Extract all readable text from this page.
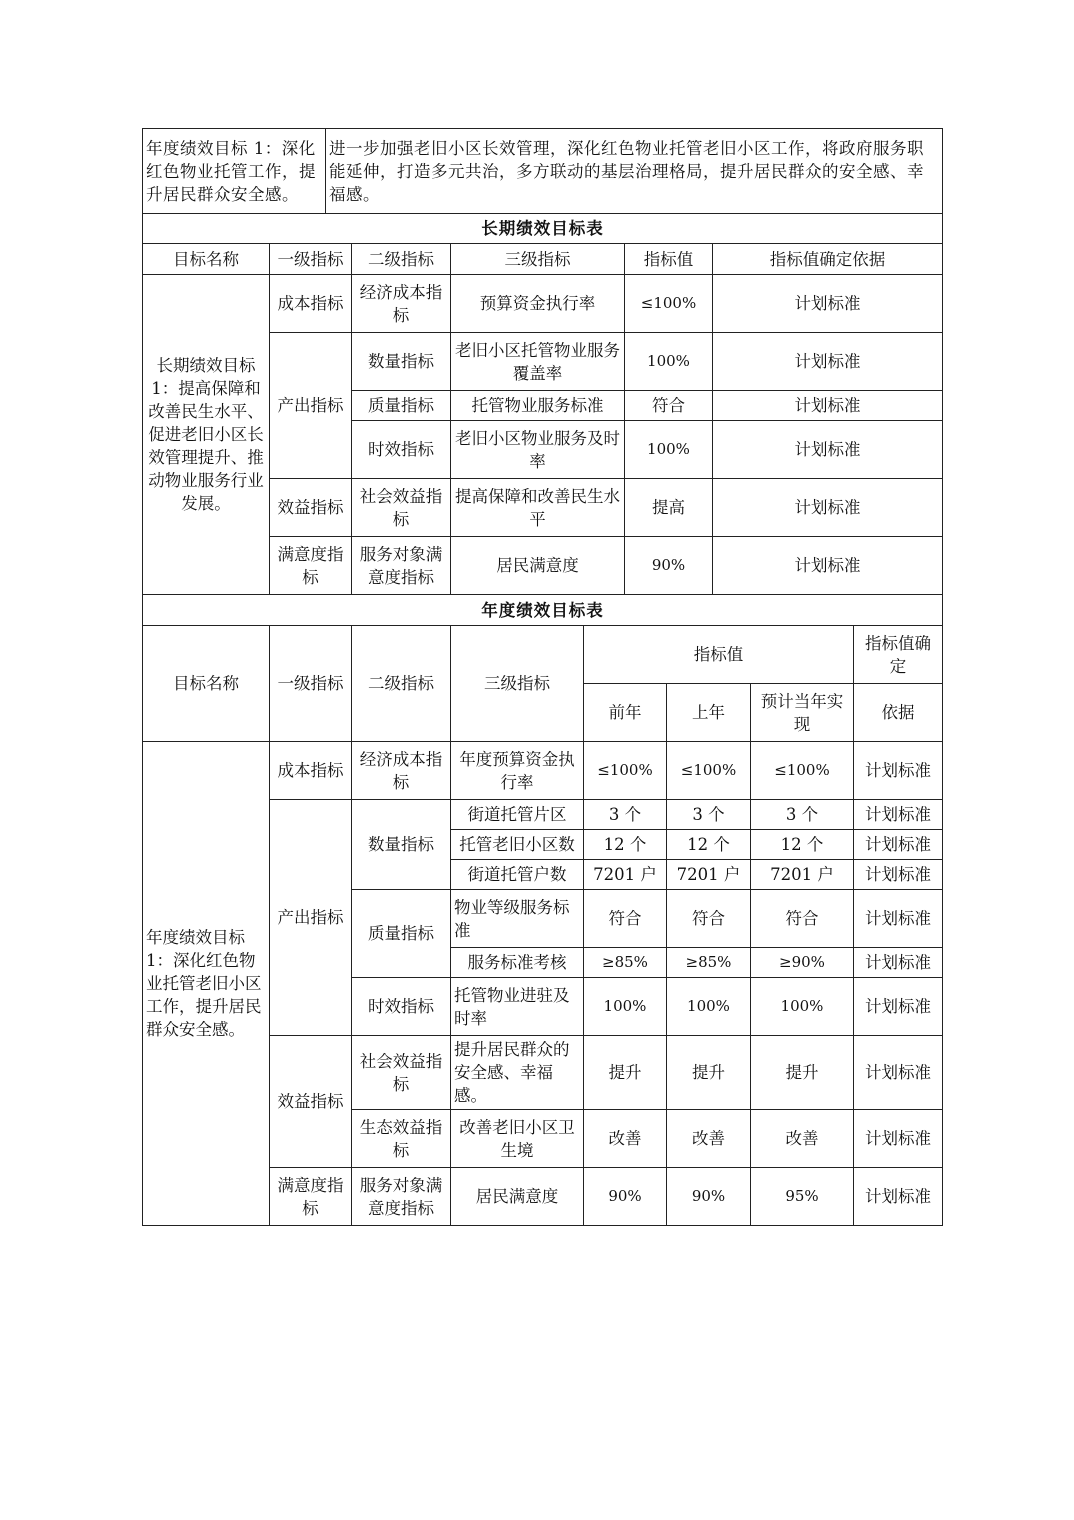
年度绩效目标 1：深化红色物业托管工作，提升居民群众安全感。	进一步加强老旧小区长效管理，深化红色物业托管老旧小区工作，将政府服务职能延伸，打造多元共治，多方联动的基层治理格局，提升居民群众的安全感、幸福感。
长期绩效目标表					
目标名称	一级指标	二级指标	三级指标	指标值	指标值确定依据
长期绩效目标 1：提高保障和改善民生水平、促进老旧小区长效管理提升、推动物业服务行业发展。	成本指标	经济成本指标	预算资金执行率	≤100%	计划标准
	产出指标	数量指标	老旧小区托管物业服务覆盖率	100%	计划标准
		质量指标	托管物业服务标准	符合	计划标准
		时效指标	老旧小区物业服务及时率	100%	计划标准
	效益指标	社会效益指标	提高保障和改善民生水平	提高	计划标准
	满意度指标	服务对象满意度指标	居民满意度	90%	计划标准
年度绩效目标表							
目标名称	一级指标	二级指标	三级指标	指标值			指标值确定
				前年	上年	预计当年实现	依据
年度绩效目标 1：深化红色物业托管老旧小区工作，提升居民群众安全感。	成本指标	经济成本指标	年度预算资金执行率	≤100%	≤100%	≤100%	计划标准
	产出指标	数量指标	街道托管片区	3 个	3 个	3 个	计划标准
			托管老旧小区数	12 个	12 个	12 个	计划标准
			街道托管户数	7201 户	7201 户	7201 户	计划标准
		质量指标	物业等级服务标准	符合	符合	符合	计划标准
			服务标准考核	≥85%	≥85%	≥90%	计划标准
		时效指标	托管物业进驻及时率	100%	100%	100%	计划标准
	效益指标	社会效益指标	提升居民群众的安全感、幸福感。	提升	提升	提升	计划标准
		生态效益指标	改善老旧小区卫生境	改善	改善	改善	计划标准
	满意度指标	服务对象满意度指标	居民满意度	90%	90%	95%	计划标准
